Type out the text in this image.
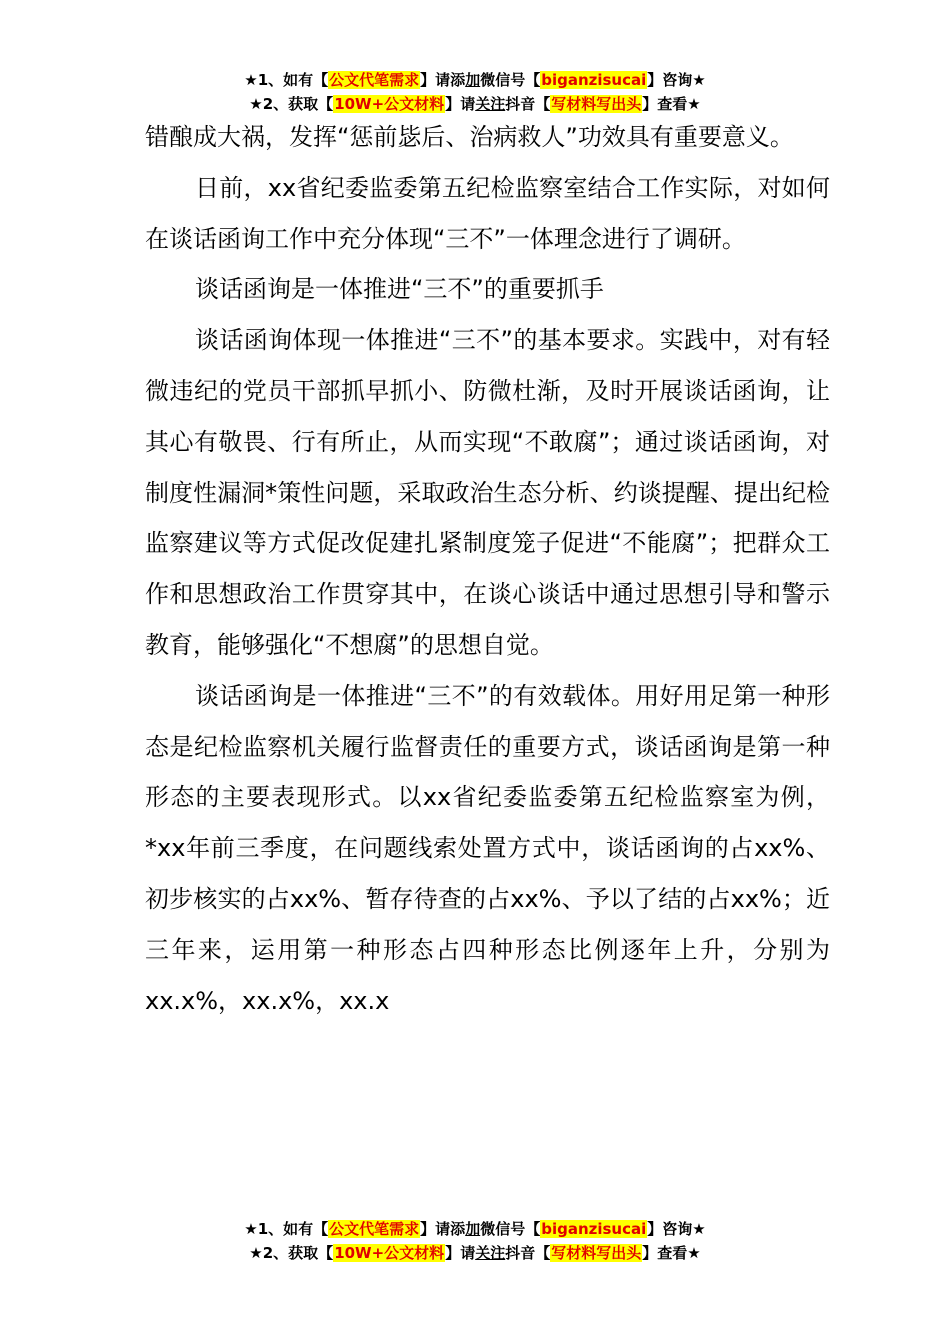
★1、如有【公文代笔需求】请添加微信号【biganzisucai】咨询★
★2、获取【10W+公文材料】请关注抖音【写材料写出头】查看★

错酿成大祸，发挥“惩前毖后、治病救人”功效具有重要意义。

日前，xx省纪委监委第五纪检监察室结合工作实际，对如何在谈话函询工作中充分体现“三不”一体理念进行了调研。

谈话函询是一体推进“三不”的重要抓手

谈话函询体现一体推进“三不”的基本要求。实践中，对有轻微违纪的党员干部抓早抓小、防微杜渐，及时开展谈话函询，让其心有敬畏、行有所止，从而实现“不敢腐”；通过谈话函询，对制度性漏洞*策性问题，采取政治生态分析、约谈提醒、提出纪检监察建议等方式促改促建扎紧制度笼子促进“不能腐”；把群众工作和思想政治工作贯穿其中，在谈心谈话中通过思想引导和警示教育，能够强化“不想腐”的思想自觉。

谈话函询是一体推进“三不”的有效载体。用好用足第一种形态是纪检监察机关履行监督责任的重要方式，谈话函询是第一种形态的主要表现形式。以xx省纪委监委第五纪检监察室为例，*xx年前三季度，在问题线索处置方式中，谈话函询的占xx%、初步核实的占xx%、暂存待查的占xx%、予以了结的占xx%；近三年来，运用第一种形态占四种形态比例逐年上升，分别为xx.x%，xx.x%，xx.x

★1、如有【公文代笔需求】请添加微信号【biganzisucai】咨询★
★2、获取【10W+公文材料】请关注抖音【写材料写出头】查看★
